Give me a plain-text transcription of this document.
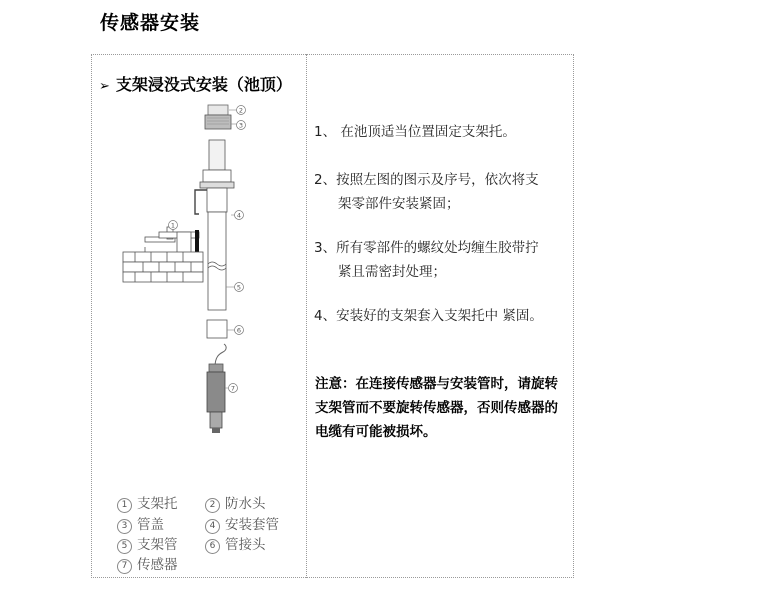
传感器安装
➢ 支架浸没式安装（池顶）
2
3
4
5
6
7
1
1 支架托	2 防水头
3 管盖	4 安装套管
5 支架管	6 管接头
7 传感器
1、 在池顶适当位置固定支架托。
2、按照左图的图示及序号，依次将支
架零部件安装紧固；
3、所有零部件的螺纹处均缠生胶带拧
紧且需密封处理；
4、安装好的支架套入支架托中 紧固。
注意：在连接传感器与安装管时，请旋转支架管而不要旋转传感器，否则传感器的电缆有可能被损坏。
